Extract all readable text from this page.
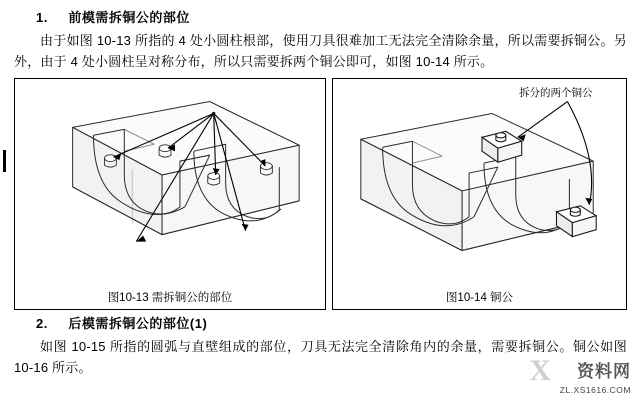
1. 前模需拆铜公的部位

由于如图 10-13 所指的 4 处小圆柱根部，使用刀具很难加工无法完全清除余量，所以需要拆铜公。另外，由于 4 处小圆柱呈对称分布，所以只需要拆两个铜公即可，如图 10-14 所示。

图10-13 需拆铜公的部位
拆分的两个铜公
图10-14 铜公
2. 后模需拆铜公的部位(1)

如图 10-15 所指的圆弧与直壁组成的部位，刀具无法完全清除角内的余量，需要拆铜公。铜公如图 10-16 所示。	X 资料网
ZL.XS1616.COM
